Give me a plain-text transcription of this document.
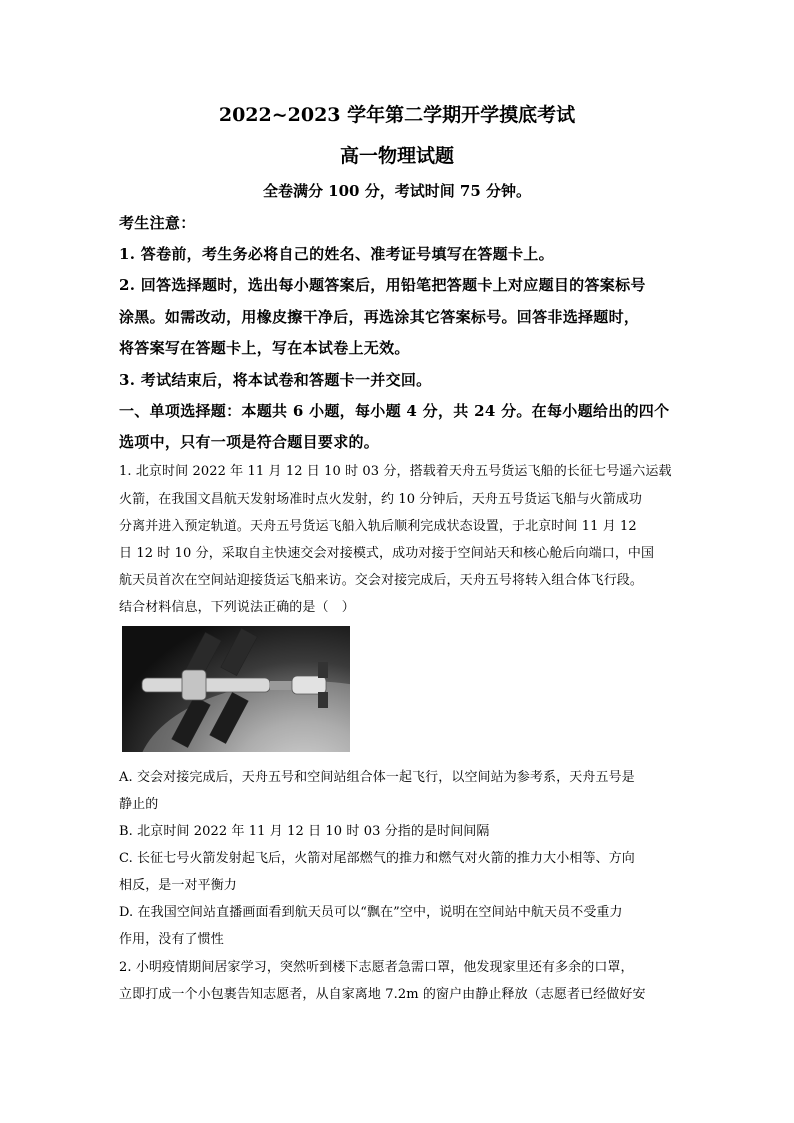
2022~2023 学年第二学期开学摸底考试
高一物理试题
全卷满分 100 分，考试时间 75 分钟。
考生注意：
1. 答卷前，考生务必将自己的姓名、准考证号填写在答题卡上。
2. 回答选择题时，选出每小题答案后，用铅笔把答题卡上对应题目的答案标号
涂黑。如需改动，用橡皮擦干净后，再选涂其它答案标号。回答非选择题时，
将答案写在答题卡上，写在本试卷上无效。
3. 考试结束后，将本试卷和答题卡一并交回。
一、单项选择题：本题共 6 小题，每小题 4 分，共 24 分。在每小题给出的四个
选项中，只有一项是符合题目要求的。
1. 北京时间 2022 年 11 月 12 日 10 时 03 分，搭载着天舟五号货运飞船的长征七号遥六运载
火箭，在我国文昌航天发射场准时点火发射，约 10 分钟后，天舟五号货运飞船与火箭成功
分离并进入预定轨道。天舟五号货运飞船入轨后顺利完成状态设置，于北京时间 11 月 12
日 12 时 10 分，采取自主快速交会对接模式，成功对接于空间站天和核心舱后向端口，中国
航天员首次在空间站迎接货运飞船来访。交会对接完成后，天舟五号将转入组合体飞行段。
结合材料信息，下列说法正确的是（　）
A. 交会对接完成后，天舟五号和空间站组合体一起飞行，以空间站为参考系，天舟五号是
静止的
B. 北京时间 2022 年 11 月 12 日 10 时 03 分指的是时间间隔
C. 长征七号火箭发射起飞后，火箭对尾部燃气的推力和燃气对火箭的推力大小相等、方向
相反，是一对平衡力
D. 在我国空间站直播画面看到航天员可以“飘在”空中，说明在空间站中航天员不受重力
作用，没有了惯性
2. 小明疫情期间居家学习，突然听到楼下志愿者急需口罩，他发现家里还有多余的口罩，
立即打成一个小包裹告知志愿者，从自家离地 7.2m 的窗户由静止释放（志愿者已经做好安
